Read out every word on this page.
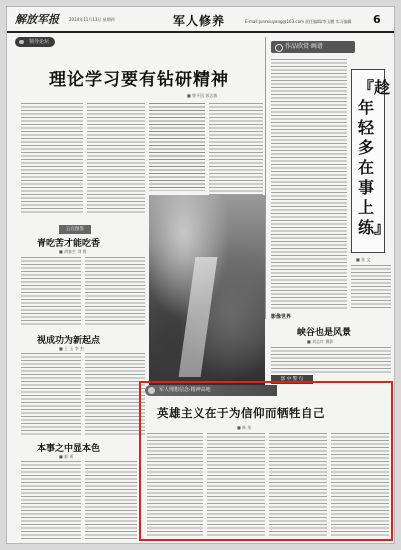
解放军报	2014年11月13日 星期四	军人修养	E-mail:junrxiuyang@163.com 责任编辑/李玉鹏 实习编辑 6
领导论坛
理论学习要有钻研精神
■ 曾开国 郭志敏
作品欣赏·画谱
『趁年轻多在事上练』
■ 张 文
五官图鉴
青吃苦才能吃香
■ 胡春生 刘 群
视成功为新起点
■ 王 玉 李 杰
本事之中显本色
■ 郭 勇
影像世界
峡谷也是风景
■ 刘志红 摄影
影 中 警 句
军人理想信念·精神高地
英雄主义在于为信仰而牺牲自己
■ 林 彤
